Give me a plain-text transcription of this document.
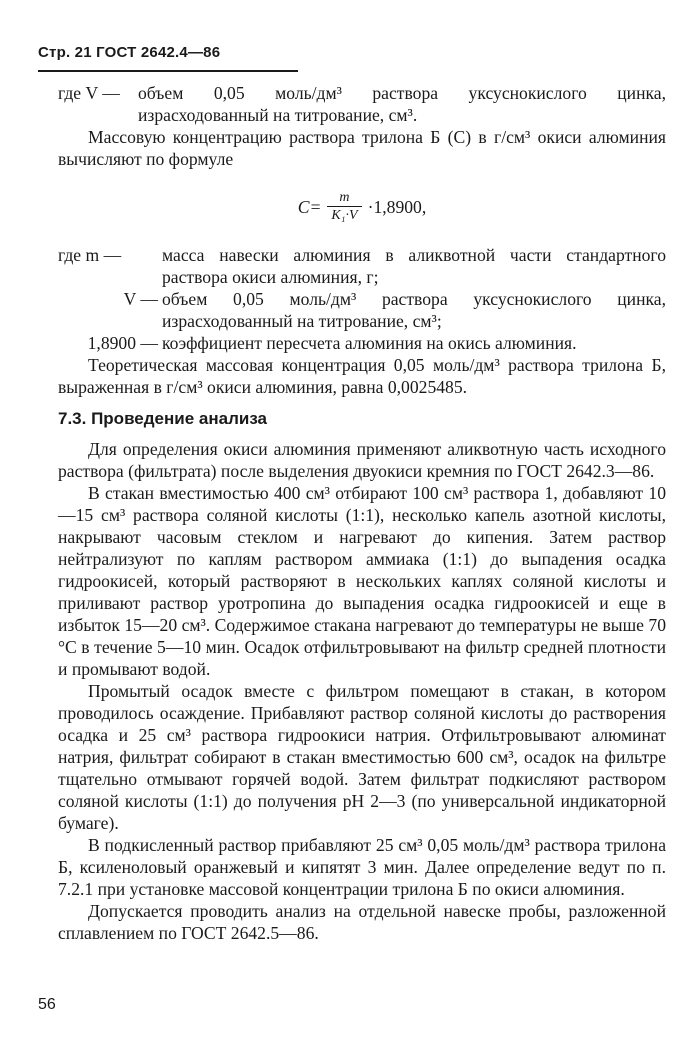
Стр. 21 ГОСТ 2642.4—86
где V —	объем 0,05 моль/дм³ раствора уксуснокислого цинка, израсходованный на титрование, см³.

Массовую концентрацию раствора трилона Б (С) в г/см³ окиси алюминия вычисляют по формуле

$C= \frac{m}{\text{K₁·V}} \cdot 1,8900$,
где m —	масса навески алюминия в аликвотной части стандартного раствора окиси алюминия, г;
V — объем 0,05 моль/дм³ раствора уксуснокислого цинка, израсходованный на титрование, см³;
1,8900 — коэффициент пересчета алюминия на окись алюминия.

Теоретическая массовая концентрация 0,05 моль/дм³ раствора трилона Б, выраженная в г/см³ окиси алюминия, равна 0,0025485.

7.3. Проведение анализа

Для определения окиси алюминия применяют аликвотную часть исходного раствора (фильтрата) после выделения двуокиси кремния по ГОСТ 2642.3—86.

В стакан вместимостью 400 см³ отбирают 100 см³ раствора 1, добавляют 10—15 см³ раствора соляной кислоты (1:1), несколько капель азотной кислоты, накрывают часовым стеклом и нагревают до кипения. Затем раствор нейтрализуют по каплям раствором аммиака (1:1) до выпадения осадка гидроокисей, который растворяют в нескольких каплях соляной кислоты и приливают раствор уротропина до выпадения осадка гидроокисей и еще в избыток 15—20 см³. Содержимое стакана нагревают до температуры не выше 70 °С в течение 5—10 мин. Осадок отфильтровывают на фильтр средней плотности и промывают водой.

Промытый осадок вместе с фильтром помещают в стакан, в котором проводилось осаждение. Прибавляют раствор соляной кислоты до растворения осадка и 25 см³ раствора гидроокиси натрия. Отфильтровывают алюминат натрия, фильтрат собирают в стакан вместимостью 600 см³, осадок на фильтре тщательно отмывают горячей водой. Затем фильтрат подкисляют раствором соляной кислоты (1:1) до получения рН 2—3 (по универсальной индикаторной бумаге).

В подкисленный раствор прибавляют 25 см³ 0,05 моль/дм³ раствора трилона Б, ксиленоловый оранжевый и кипятят 3 мин. Далее определение ведут по п. 7.2.1 при установке массовой концентрации трилона Б по окиси алюминия.

Допускается проводить анализ на отдельной навеске пробы, разложенной сплавлением по ГОСТ 2642.5—86.

56
